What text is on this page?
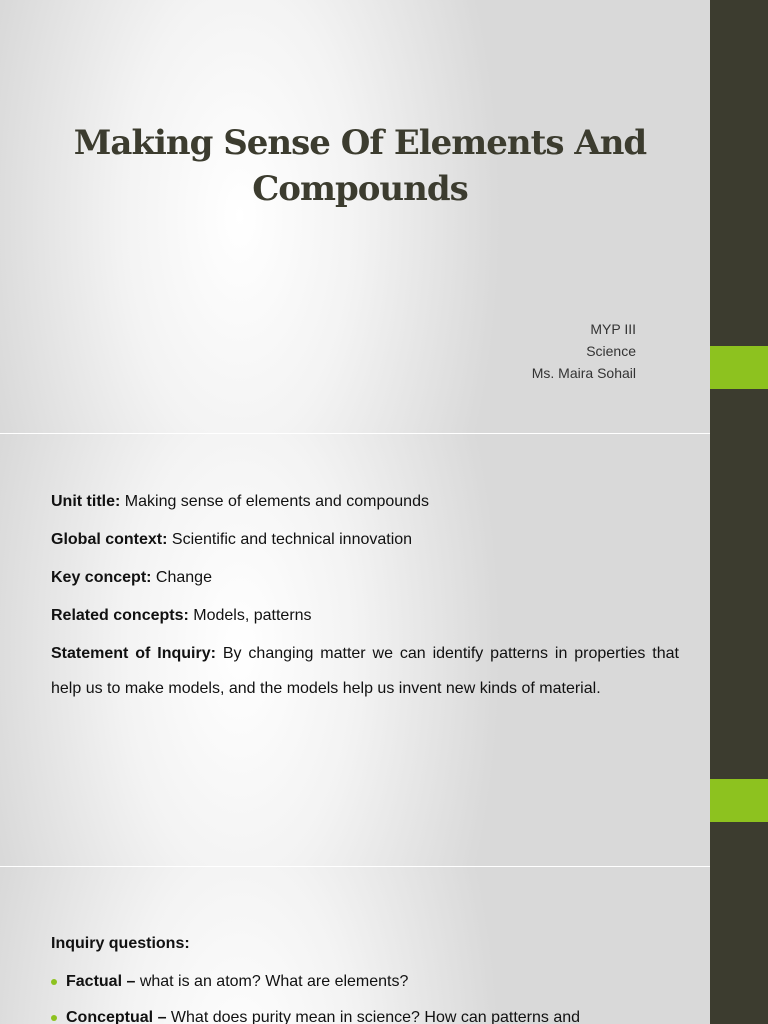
Making Sense Of Elements And
Compounds
MYP III
Science
Ms. Maira Sohail
Unit title: Making sense of elements and compounds
Global context: Scientific and technical innovation
Key concept: Change
Related concepts: Models, patterns
Statement of Inquiry: By changing matter we can identify patterns in properties that help us to make models, and the models help us invent new kinds of material.
Inquiry questions:
Factual – what is an atom? What are elements?
Conceptual – What does purity mean in science? How can patterns and
